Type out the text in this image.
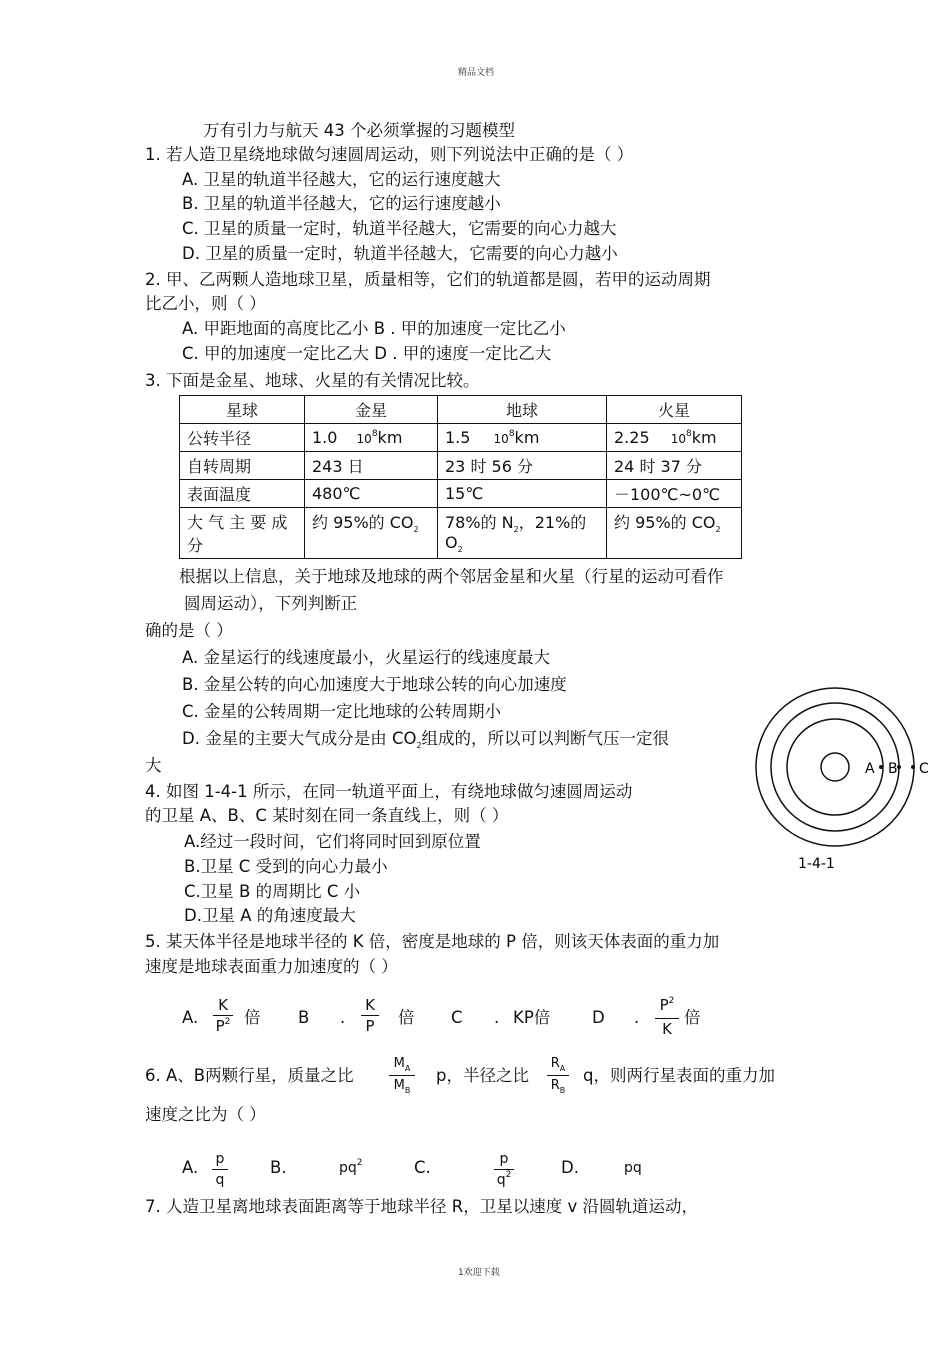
精品文档
1欢迎下载
万有引力与航天 43 个必须掌握的习题模型
1. 若人造卫星绕地球做匀速圆周运动，则下列说法中正确的是（ ）
A. 卫星的轨道半径越大，它的运行速度越大
B. 卫星的轨道半径越大，它的运行速度越小
C. 卫星的质量一定时，轨道半径越大，它需要的向心力越大
D. 卫星的质量一定时，轨道半径越大，它需要的向心力越小
2. 甲、乙两颗人造地球卫星，质量相等，它们的轨道都是圆，若甲的运动周期
比乙小，则（ ）
A. 甲距地面的高度比乙小 B . 甲的加速度一定比乙小
C. 甲的加速度一定比乙大 D . 甲的速度一定比乙大
3. 下面是金星、地球、火星的有关情况比较。
星球	金星	地球	火星
公转半径	1.0 $10^8km$	1.5 $10^8km$	2.25 $10^8km$
自转周期	243 日	23 时 56 分	24 时 37 分
表面温度	480℃	15℃	－100℃~0℃

大 气 主 要 成
分	约 95%的 $CO_2$	78%的 $N_2$，21%的 $O_2$	约 95%的 $CO_2$
根据以上信息，关于地球及地球的两个邻居金星和火星（行星的运动可看作
圆周运动），下列判断正
确的是（ ）
A. 金星运行的线速度最小，火星运行的线速度最大
B. 金星公转的向心加速度大于地球公转的向心加速度
C. 金星的公转周期一定比地球的公转周期小
D. 金星的主要大气成分是由 $CO_2$组成的，所以可以判断气压一定很
大
4. 如图 1-4-1 所示，在同一轨道平面上，有绕地球做匀速圆周运动
的卫星 A、B、C 某时刻在同一条直线上，则（ ）
A.经过一段时间，它们将同时回到原位置
B.卫星 C 受到的向心力最小
C.卫星 B 的周期比 C 小
D.卫星 A 的角速度最大
A B C
1-4-1
5. 某天体半径是地球半径的 K 倍，密度是地球的 P 倍，则该天体表面的重力加
速度是地球表面重力加速度的（ ）
A.
K
$P^2$ 倍 B .
K
P 倍 C . KP倍	D .
$P^2$
K
倍
6. A、B两颗行星，质量之比
$M_A$
$M_B$
p，半径之比
$R_A$
$R_B$
q，则两行星表面的重力加
速度之比为（ ）
A. p
q
B.	$pq^2$	C.	p
$q^2$	D.	pq
7. 人造卫星离地球表面距离等于地球半径 R，卫星以速度 v 沿圆轨道运动，
